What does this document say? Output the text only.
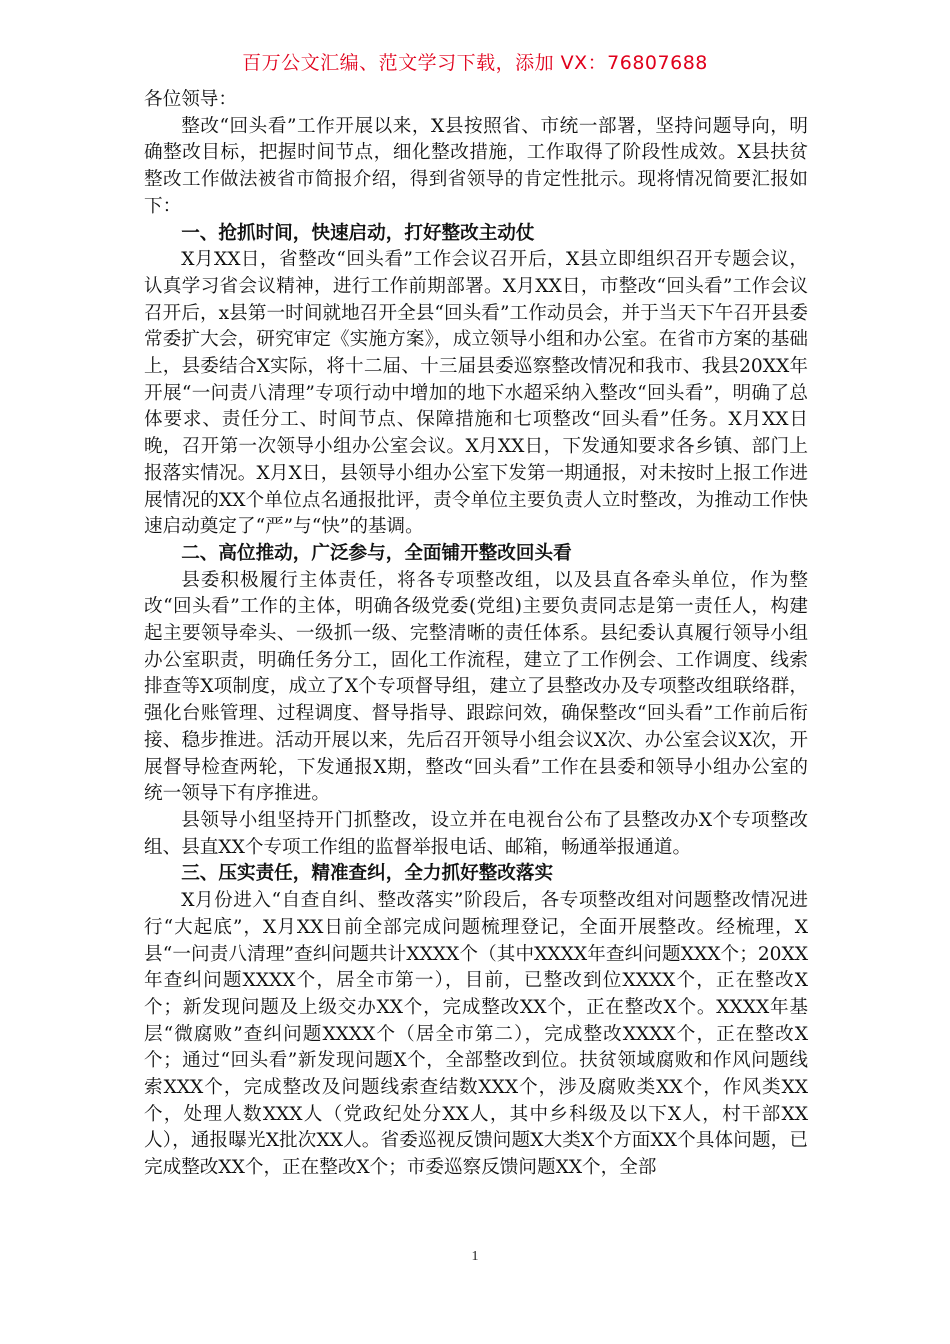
百万公文汇编、范文学习下载，添加 VX：76807688

各位领导：

整改“回头看”工作开展以来，X县按照省、市统一部署，坚持问题导向，明确整改目标，把握时间节点，细化整改措施，工作取得了阶段性成效。X县扶贫整改工作做法被省市简报介绍，得到省领导的肯定性批示。现将情况简要汇报如下：

一、抢抓时间，快速启动，打好整改主动仗

X月XX日，省整改“回头看”工作会议召开后，X县立即组织召开专题会议，认真学习省会议精神，进行工作前期部署。X月XX日，市整改“回头看”工作会议召开后，x县第一时间就地召开全县“回头看”工作动员会，并于当天下午召开县委常委扩大会，研究审定《实施方案》，成立领导小组和办公室。在省市方案的基础上，县委结合X实际，将十二届、十三届县委巡察整改情况和我市、我县20XX年开展“一问责八清理”专项行动中增加的地下水超采纳入整改“回头看”，明确了总体要求、责任分工、时间节点、保障措施和七项整改“回头看”任务。X月XX日晚，召开第一次领导小组办公室会议。X月XX日，下发通知要求各乡镇、部门上报落实情况。X月X日，县领导小组办公室下发第一期通报，对未按时上报工作进展情况的XX个单位点名通报批评，责令单位主要负责人立时整改，为推动工作快速启动奠定了“严”与“快”的基调。

二、高位推动，广泛参与，全面铺开整改回头看

县委积极履行主体责任，将各专项整改组，以及县直各牵头单位，作为整改“回头看”工作的主体，明确各级党委(党组)主要负责同志是第一责任人，构建起主要领导牵头、一级抓一级、完整清晰的责任体系。县纪委认真履行领导小组办公室职责，明确任务分工，固化工作流程，建立了工作例会、工作调度、线索排查等X项制度，成立了X个专项督导组，建立了县整改办及专项整改组联络群，强化台账管理、过程调度、督导指导、跟踪问效，确保整改“回头看”工作前后衔接、稳步推进。活动开展以来，先后召开领导小组会议X次、办公室会议X次，开展督导检查两轮，下发通报X期，整改“回头看”工作在县委和领导小组办公室的统一领导下有序推进。

县领导小组坚持开门抓整改，设立并在电视台公布了县整改办X个专项整改组、县直XX个专项工作组的监督举报电话、邮箱，畅通举报通道。

三、压实责任，精准查纠，全力抓好整改落实

X月份进入“自查自纠、整改落实”阶段后，各专项整改组对问题整改情况进行“大起底”，X月XX日前全部完成问题梳理登记，全面开展整改。经梳理，X县“一问责八清理”查纠问题共计XXXX个（其中XXXX年查纠问题XXX个；20XX年查纠问题XXXX个，居全市第一），目前，已整改到位XXXX个，正在整改X个；新发现问题及上级交办XX个，完成整改XX个，正在整改X个。XXXX年基层“微腐败”查纠问题XXXX个（居全市第二），完成整改XXXX个，正在整改X个；通过“回头看”新发现问题X个，全部整改到位。扶贫领域腐败和作风问题线索XXX个，完成整改及问题线索查结数XXX个，涉及腐败类XX个，作风类XX个，处理人数XXX人（党政纪处分XX人，其中乡科级及以下X人，村干部XX人），通报曝光X批次XX人。省委巡视反馈问题X大类X个方面XX个具体问题，已完成整改XX个，正在整改X个；市委巡察反馈问题XX个，全部

1
